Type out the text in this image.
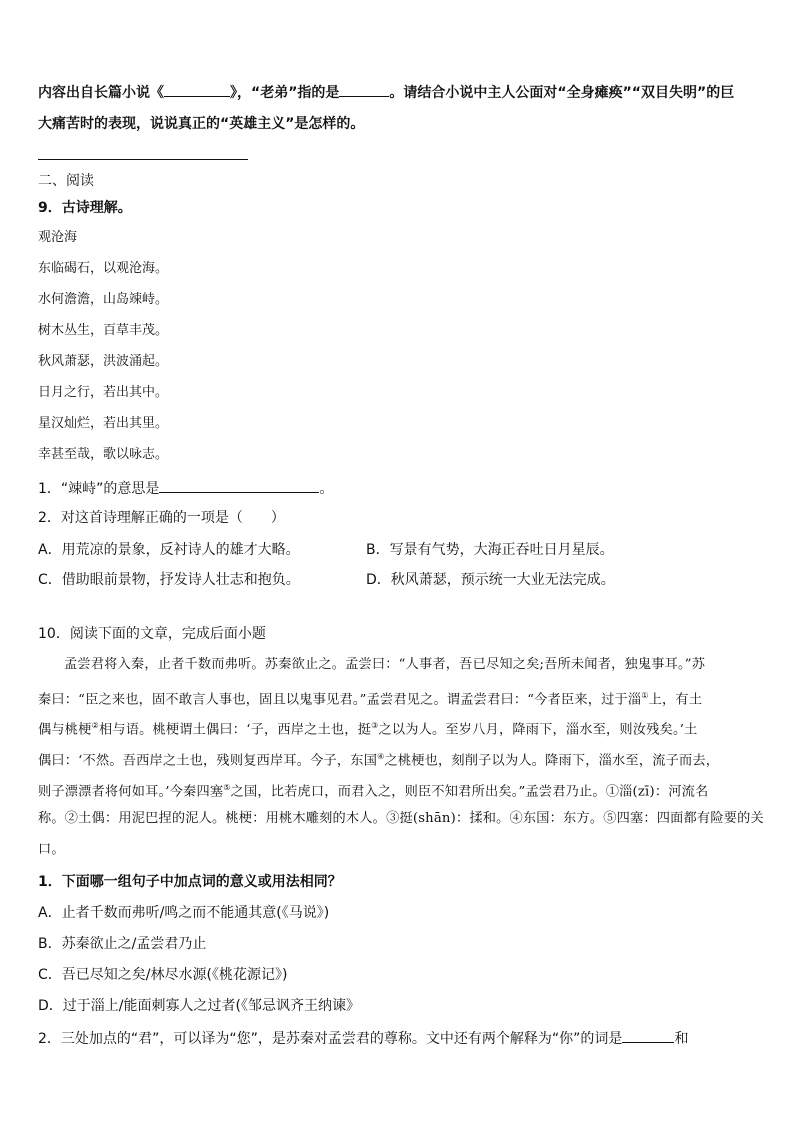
内容出自长篇小说《	》，“老弟”指的是	。请结合小说中主人公面对“全身瘫痪”“双目失明”的巨
大痛苦时的表现，说说真正的“英雄主义”是怎样的。
二、阅读
9．古诗理解。
观沧海
东临碣石，以观沧海。
水何澹澹，山岛竦峙。
树木丛生，百草丰茂。
秋风萧瑟，洪波涌起。
日月之行，若出其中。
星汉灿烂，若出其里。
幸甚至哉，歌以咏志。
1．“竦峙”的意思是	。
2．对这首诗理解正确的一项是（　　）
A．用荒凉的景象，反衬诗人的雄才大略。	B．写景有气势，大海正吞吐日月星辰。
C．借助眼前景物，抒发诗人壮志和抱负。	D．秋风萧瑟，预示统一大业无法完成。
10．阅读下面的文章，完成后面小题
孟尝君将入秦，止者千数而弗听。苏秦欲止之。孟尝曰：“人事者，吾已尽知之矣;吾所未闻者，独鬼事耳。”苏
秦曰：“臣之来也，固不敢言人事也，固且以鬼事见君。”孟尝君见之。谓孟尝君曰：“今者臣来，过于淄①上，有土
偶与桃梗②相与语。桃梗谓土偶曰：‘子，西岸之土也，挺③之以为人。至岁八月，降雨下，淄水至，则汝残矣。’土
偶曰：‘不然。吾西岸之土也，残则复西岸耳。今子，东国④之桃梗也，刻削子以为人。降雨下，淄水至，流子而去，
则子漂漂者将何如耳。’今秦四塞⑤之国，比若虎口，而君入之，则臣不知君所出矣。”孟尝君乃止。①淄(zī)：河流名
称。②土偶：用泥巴捏的泥人。桃梗：用桃木雕刻的木人。③挺(shān)：揉和。④东国：东方。⑤四塞：四面都有险要的关
口。
1．下面哪一组句子中加点词的意义或用法相同？
A．止者千数而弗听/鸣之而不能通其意(《马说》)
B．苏秦欲止之/孟尝君乃止
C．吾已尽知之矣/林尽水源(《桃花源记》)
D．过于淄上/能面刺寡人之过者(《邹忌讽齐王纳谏》
2．三处加点的“君”，可以译为“您”，是苏秦对孟尝君的尊称。文中还有两个解释为“你”的词是	和
